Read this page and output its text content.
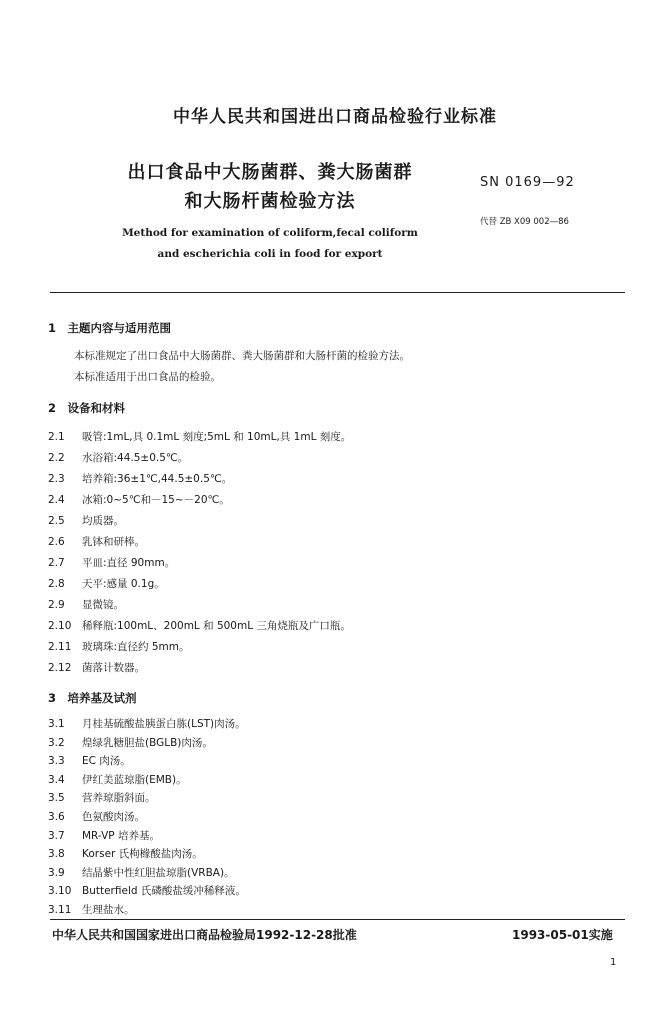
中华人民共和国进出口商品检验行业标准
出口食品中大肠菌群、粪大肠菌群
和大肠杆菌检验方法
Method for examination of coliform,fecal coliform
and escherichia coli in food for export
SN 0169—92
代替 ZB X09 002—86
1　主题内容与适用范围
本标准规定了出口食品中大肠菌群、粪大肠菌群和大肠杆菌的检验方法。
本标准适用于出口食品的检验。
2　设备和材料
2.1 吸管:1mL,具 0.1mL 刻度;5mL 和 10mL,具 1mL 刻度。
2.2 水浴箱:44.5±0.5℃。
2.3 培养箱:36±1℃,44.5±0.5℃。
2.4 冰箱:0~5℃和－15~－20℃。
2.5 均质器。
2.6 乳钵和研棒。
2.7 平皿:直径 90mm。
2.8 天平:感量 0.1g。
2.9 显微镜。
2.10 稀释瓶:100mL、200mL 和 500mL 三角烧瓶及广口瓶。
2.11 玻璃珠:直径约 5mm。
2.12 菌落计数器。
3　培养基及试剂
3.1 月桂基硫酸盐胰蛋白胨(LST)肉汤。
3.2 煌绿乳糖胆盐(BGLB)肉汤。
3.3 EC 肉汤。
3.4 伊红美蓝琼脂(EMB)。
3.5 营养琼脂斜面。
3.6 色氨酸肉汤。
3.7 MR-VP 培养基。
3.8 Korser 氏枸橼酸盐肉汤。
3.9 结晶紫中性红胆盐琼脂(VRBA)。
3.10 Butterfield 氏磷酸盐缓冲稀释液。
中华人民共和国国家进出口商品检验局1992-12-28批准	1993-05-01实施
1
3.11 生理盐水。
